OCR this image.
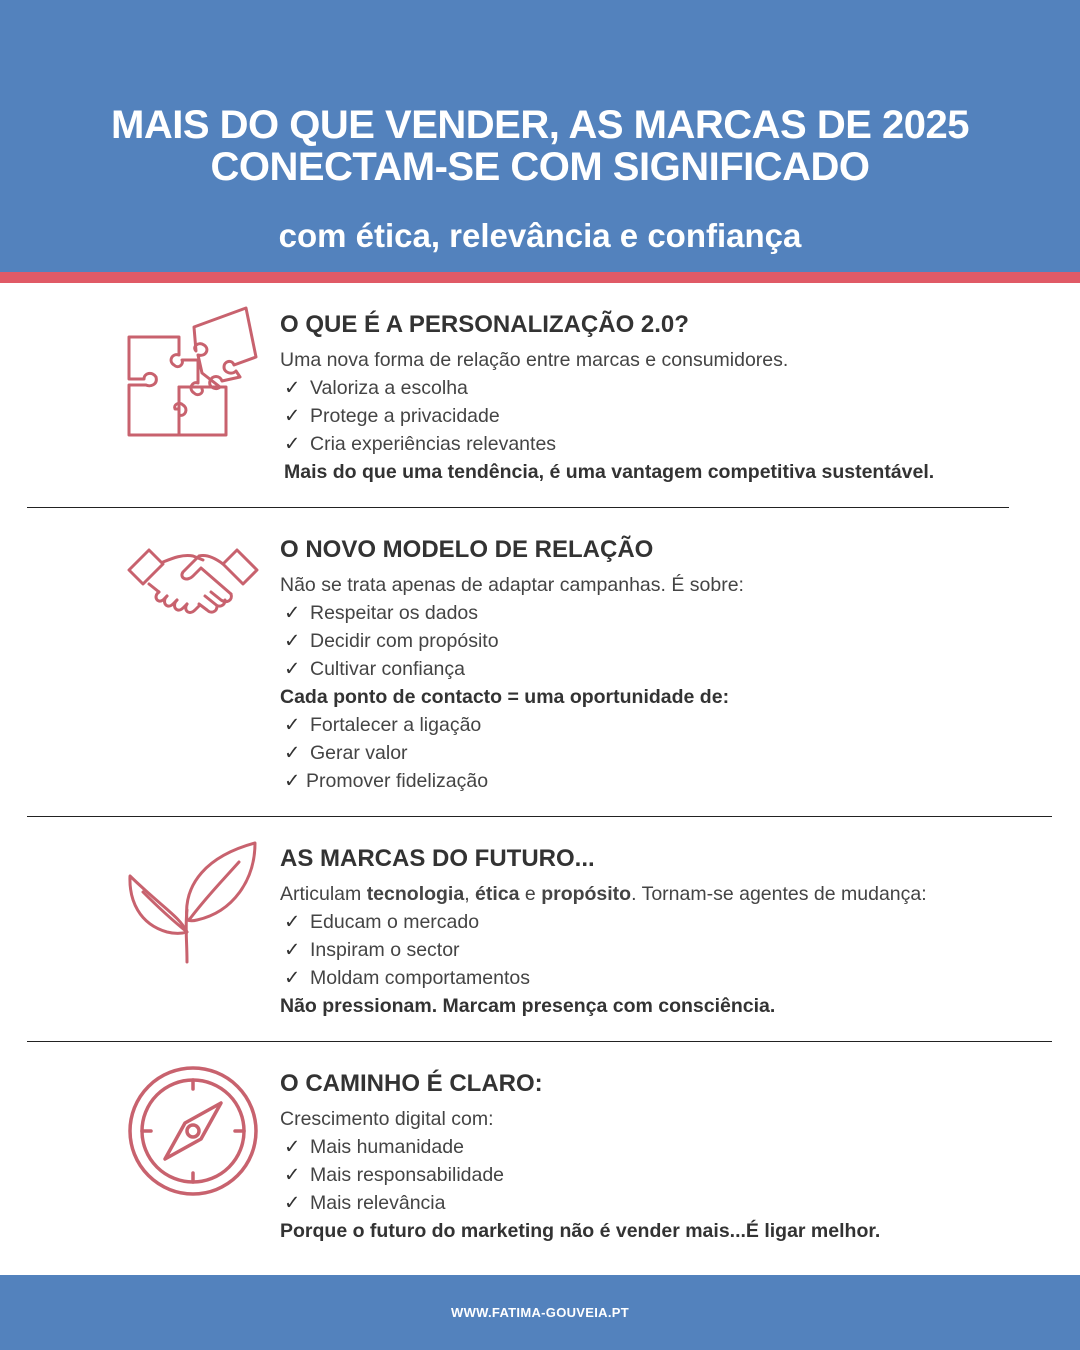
MAIS DO QUE VENDER, AS MARCAS DE 2025
CONECTAM-SE COM SIGNIFICADO

com ética, relevância e confiança

O QUE É A PERSONALIZAÇÃO 2.0?
Uma nova forma de relação entre marcas e consumidores.
✓ Valoriza a escolha
✓ Protege a privacidade
✓ Cria experiências relevantes
Mais do que uma tendência, é uma vantagem competitiva sustentável.
O NOVO MODELO DE RELAÇÃO
Não se trata apenas de adaptar campanhas. É sobre:
✓ Respeitar os dados
✓ Decidir com propósito
✓ Cultivar confiança
Cada ponto de contacto = uma oportunidade de:
✓ Fortalecer a ligação
✓ Gerar valor
✓ Promover fidelização
AS MARCAS DO FUTURO...
Articulam tecnologia, ética e propósito. Tornam-se agentes de mudança:
✓ Educam o mercado
✓ Inspiram o sector
✓ Moldam comportamentos
Não pressionam. Marcam presença com consciência.
O CAMINHO É CLARO:
Crescimento digital com:
✓ Mais humanidade
✓ Mais responsabilidade
✓ Mais relevância
Porque o futuro do marketing não é vender mais...É ligar melhor.
WWW.FATIMA-GOUVEIA.PT
